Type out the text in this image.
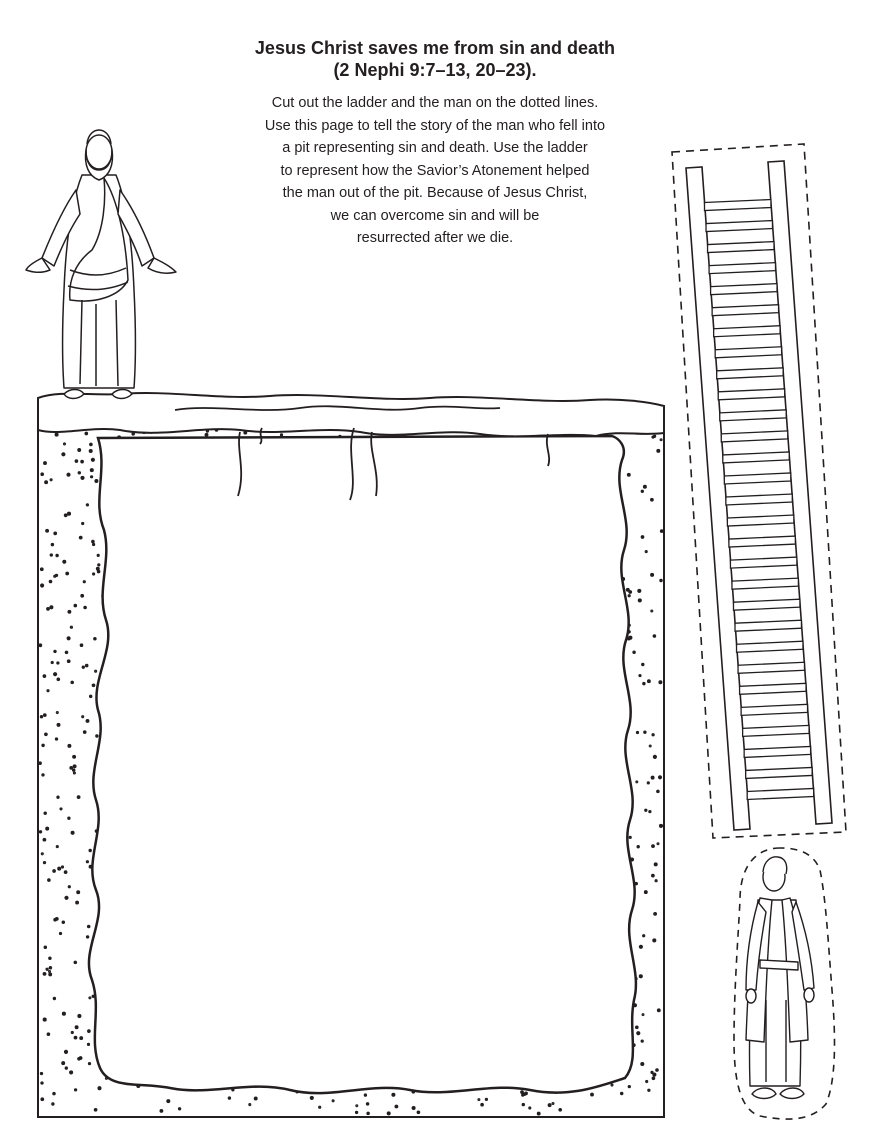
Jesus Christ saves me from sin and death
(2 Nephi 9:7–13, 20–23).
Cut out the ladder and the man on the dotted lines.
Use this page to tell the story of the man who fell into
a pit representing sin and death. Use the ladder
to represent how the Savior’s Atonement helped
the man out of the pit. Because of Jesus Christ,
we can overcome sin and will be
resurrected after we die.
